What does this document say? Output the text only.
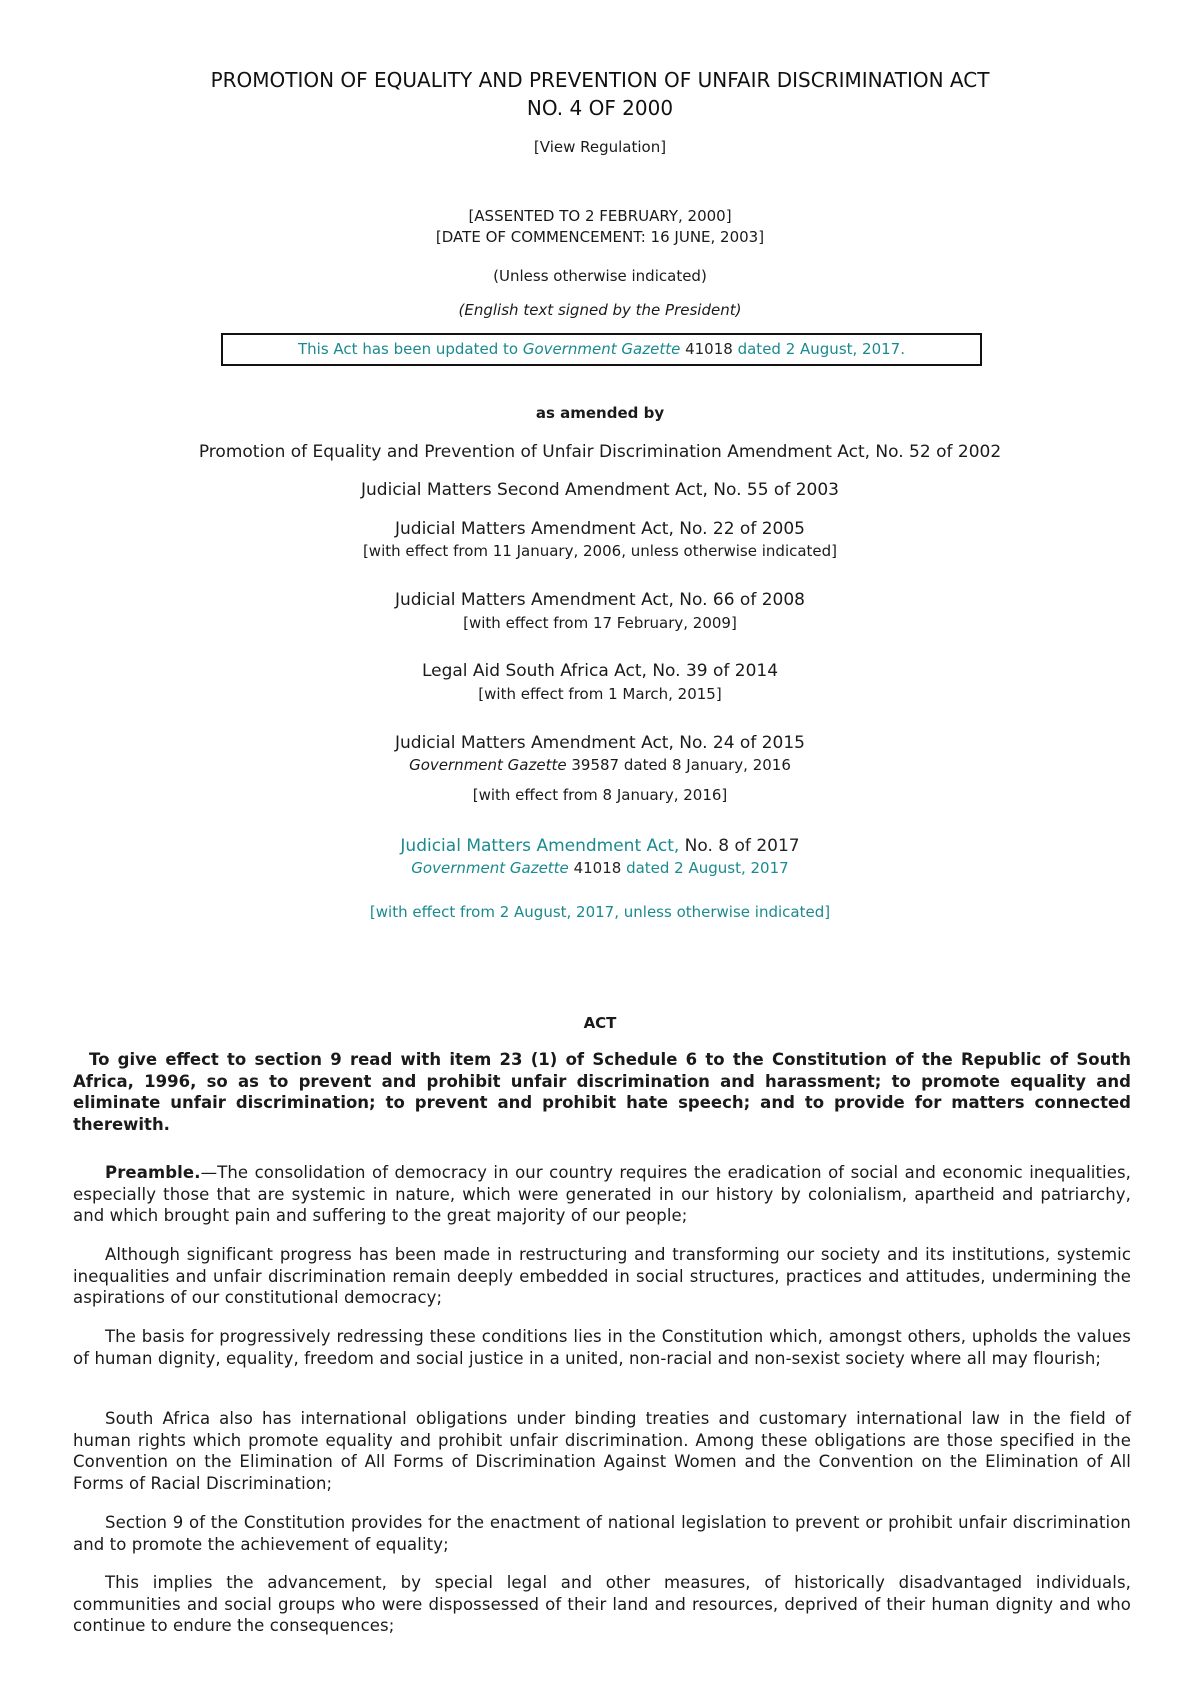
PROMOTION OF EQUALITY AND PREVENTION OF UNFAIR DISCRIMINATION ACT
NO. 4 OF 2000
[View Regulation]
[ASSENTED TO 2 FEBRUARY, 2000]
[DATE OF COMMENCEMENT: 16 JUNE, 2003]
(Unless otherwise indicated)
(English text signed by the President)
This Act has been updated to Government Gazette 41018 dated 2 August, 2017.
as amended by
Promotion of Equality and Prevention of Unfair Discrimination Amendment Act, No. 52 of 2002
Judicial Matters Second Amendment Act, No. 55 of 2003
Judicial Matters Amendment Act, No. 22 of 2005
[with effect from 11 January, 2006, unless otherwise indicated]
Judicial Matters Amendment Act, No. 66 of 2008
[with effect from 17 February, 2009]
Legal Aid South Africa Act, No. 39 of 2014
[with effect from 1 March, 2015]
Judicial Matters Amendment Act, No. 24 of 2015
Government Gazette 39587 dated 8 January, 2016
[with effect from 8 January, 2016]
Judicial Matters Amendment Act, No. 8 of 2017
Government Gazette 41018 dated 2 August, 2017
[with effect from 2 August, 2017, unless otherwise indicated]
ACT
To give effect to section 9 read with item 23 (1) of Schedule 6 to the Constitution of the Republic of South Africa, 1996, so as to prevent and prohibit unfair discrimination and harassment; to promote equality and eliminate unfair discrimination; to prevent and prohibit hate speech; and to provide for matters connected therewith.
Preamble.—The consolidation of democracy in our country requires the eradication of social and economic inequalities, especially those that are systemic in nature, which were generated in our history by colonialism, apartheid and patriarchy, and which brought pain and suffering to the great majority of our people;
Although significant progress has been made in restructuring and transforming our society and its institutions, systemic inequalities and unfair discrimination remain deeply embedded in social structures, practices and attitudes, undermining the aspirations of our constitutional democracy;
The basis for progressively redressing these conditions lies in the Constitution which, amongst others, upholds the values of human dignity, equality, freedom and social justice in a united, non-racial and non-sexist society where all may flourish;
South Africa also has international obligations under binding treaties and customary international law in the field of human rights which promote equality and prohibit unfair discrimination. Among these obligations are those specified in the Convention on the Elimination of All Forms of Discrimination Against Women and the Convention on the Elimination of All Forms of Racial Discrimination;
Section 9 of the Constitution provides for the enactment of national legislation to prevent or prohibit unfair discrimination and to promote the achievement of equality;
This implies the advancement, by special legal and other measures, of historically disadvantaged individuals, communities and social groups who were dispossessed of their land and resources, deprived of their human dignity and who continue to endure the consequences;
